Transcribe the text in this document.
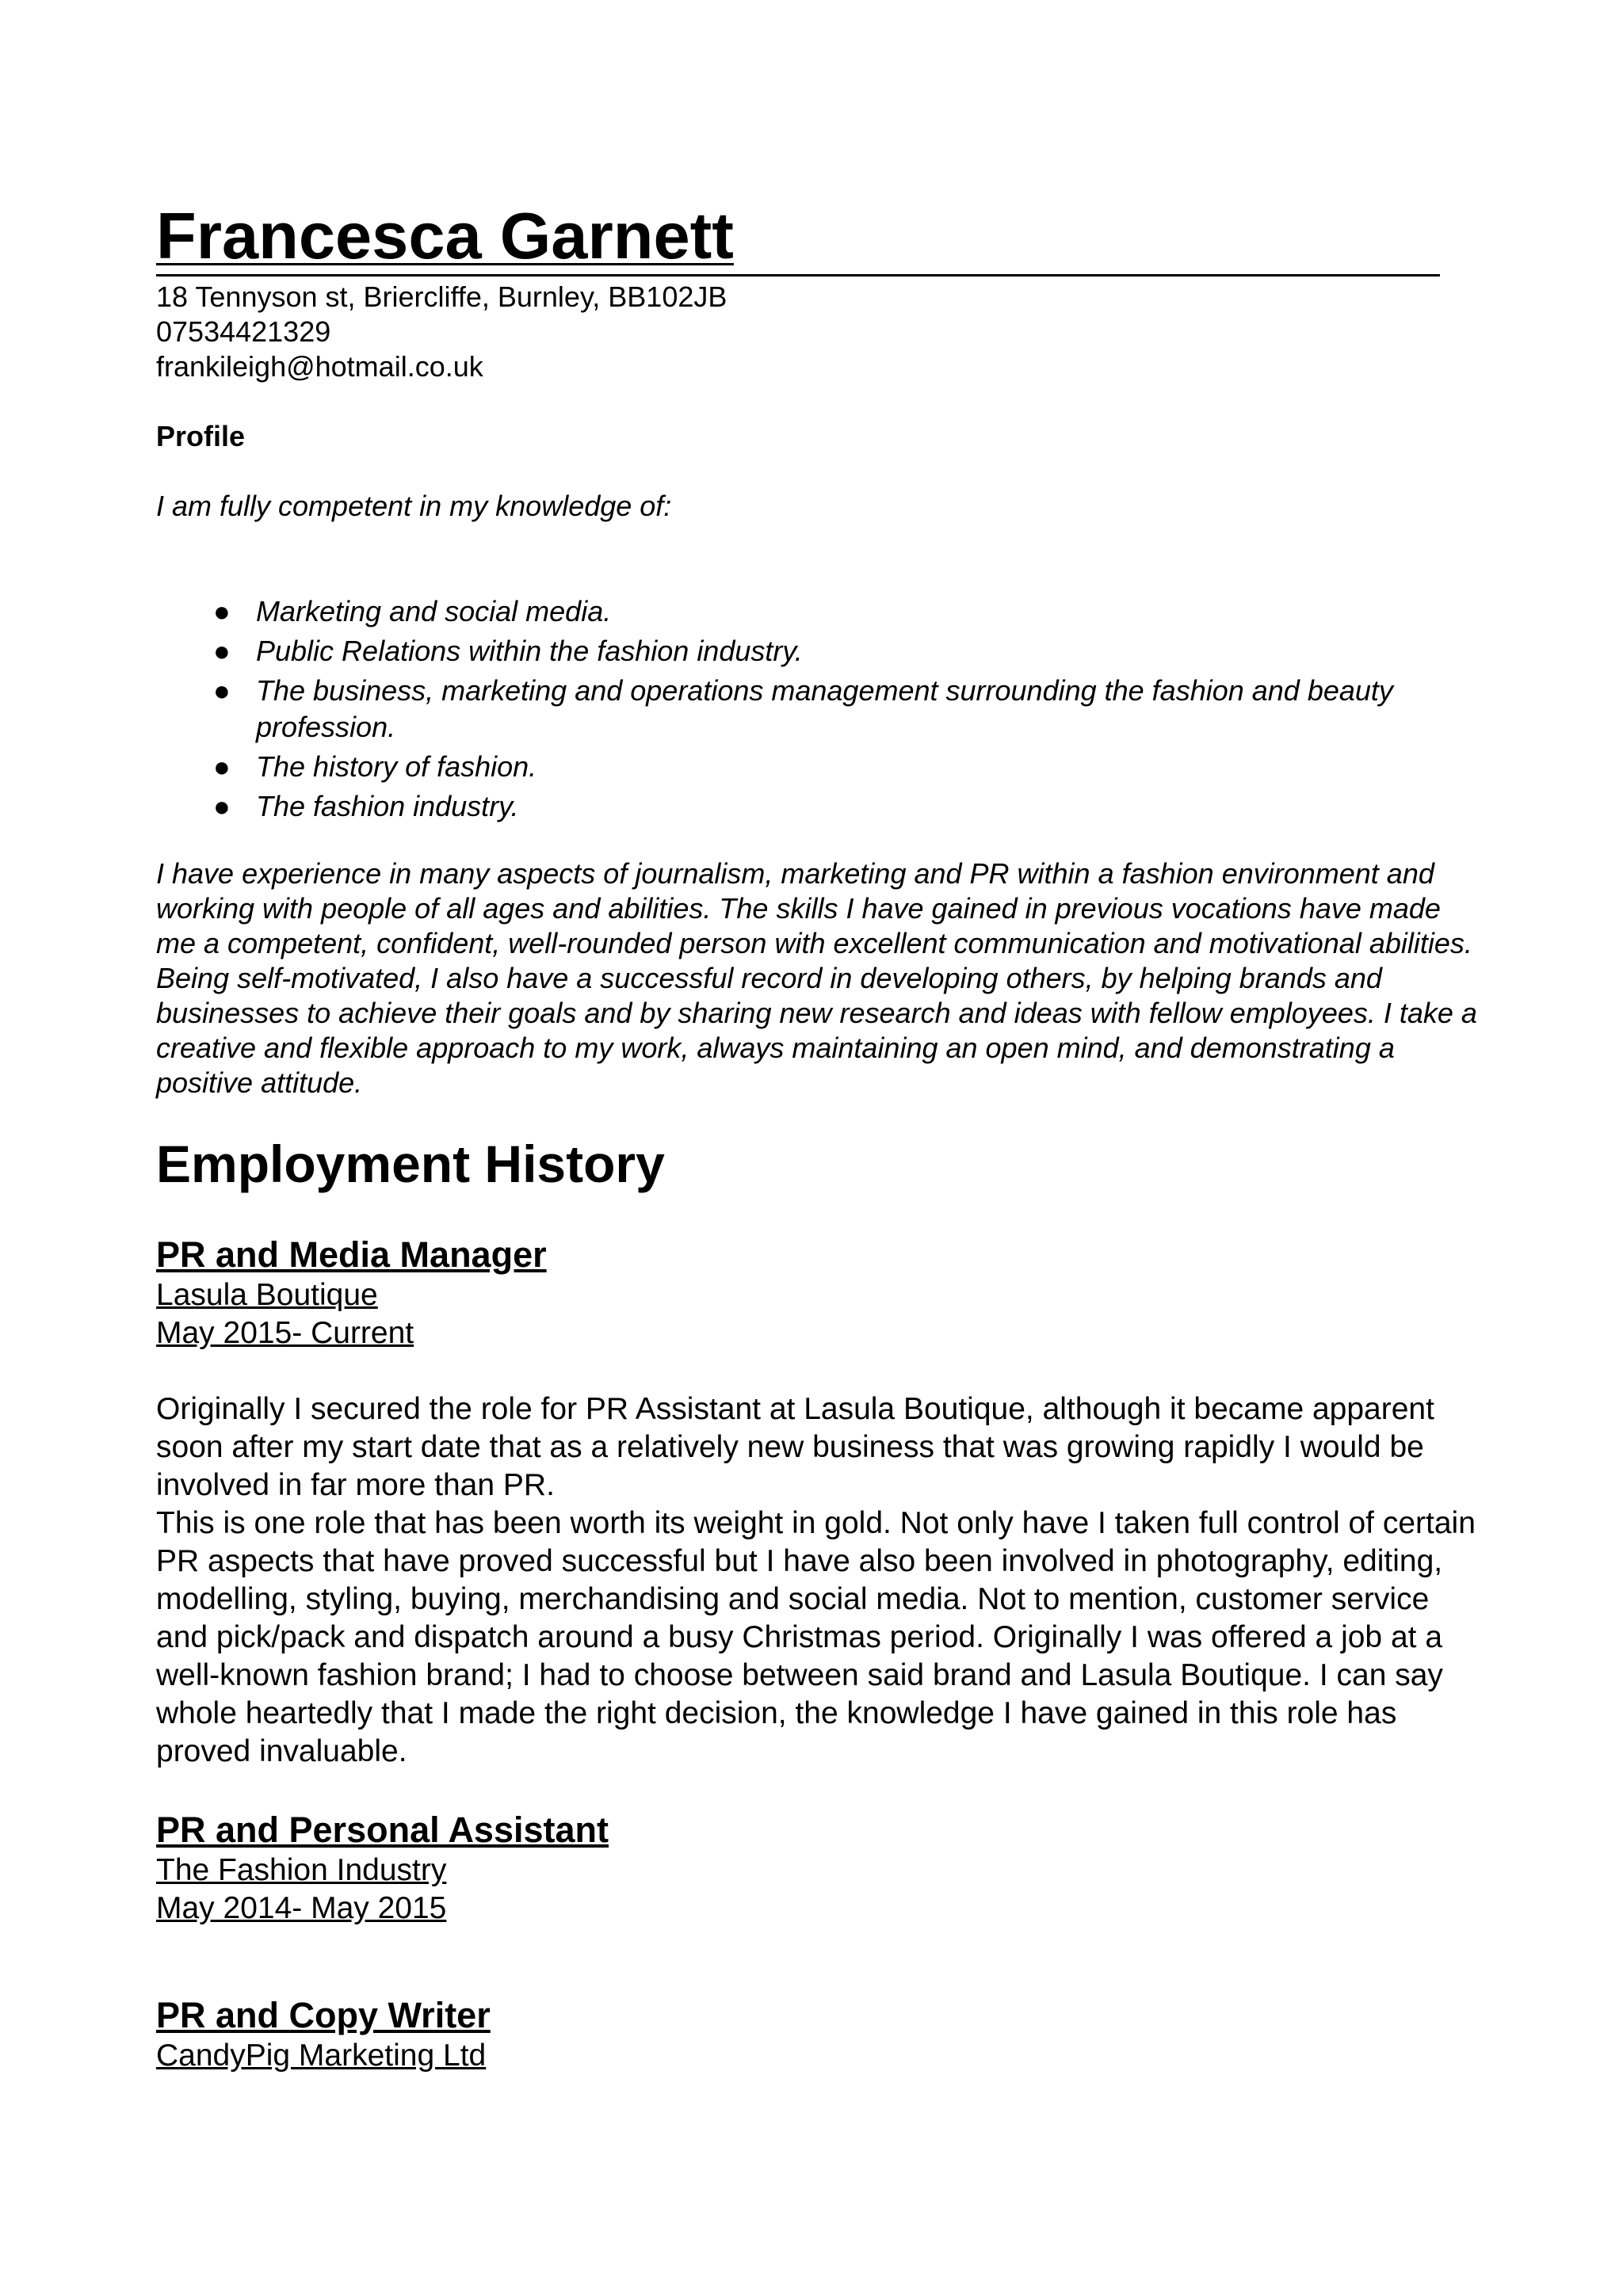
Francesca Garnett
18 Tennyson st, Briercliffe, Burnley, BB102JB
07534421329
frankileigh@hotmail.co.uk
Profile
I am fully competent in my knowledge of:
● Marketing and social media.
● Public Relations within the fashion industry.
● The business, marketing and operations management surrounding the fashion and beauty profession.
● The history of fashion.
● The fashion industry.
I have experience in many aspects of journalism, marketing and PR within a fashion environment and working with people of all ages and abilities. The skills I have gained in previous vocations have made me a competent, confident, well-rounded person with excellent communication and motivational abilities. Being self-motivated, I also have a successful record in developing others, by helping brands and businesses to achieve their goals and by sharing new research and ideas with fellow employees. I take a creative and flexible approach to my work, always maintaining an open mind, and demonstrating a positive attitude.
Employment History
PR and Media Manager
Lasula Boutique
May 2015- Current

Originally I secured the role for PR Assistant at Lasula Boutique, although it became apparent soon after my start date that as a relatively new business that was growing rapidly I would be involved in far more than PR.

This is one role that has been worth its weight in gold. Not only have I taken full control of certain PR aspects that have proved successful but I have also been involved in photography, editing, modelling, styling, buying, merchandising and social media. Not to mention, customer service and pick/pack and dispatch around a busy Christmas period. Originally I was offered a job at a well-known fashion brand; I had to choose between said brand and Lasula Boutique. I can say whole heartedly that I made the right decision, the knowledge I have gained in this role has proved invaluable.

PR and Personal Assistant
The Fashion Industry
May 2014- May 2015
PR and Copy Writer
CandyPig Marketing Ltd
